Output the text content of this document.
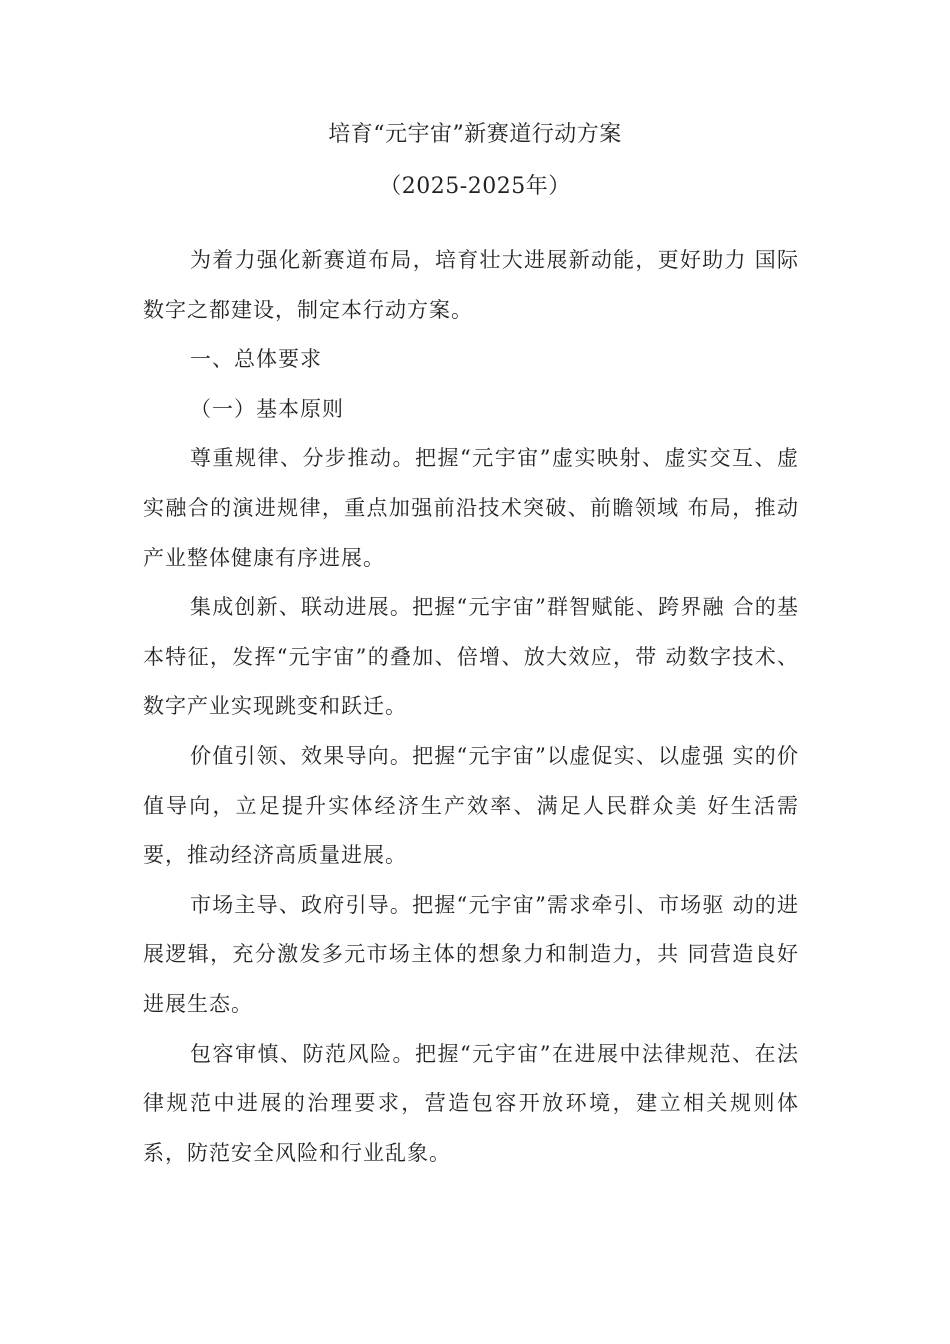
培育“元宇宙”新赛道行动方案
（2025-2025年）

为着力强化新赛道布局，培育壮大进展新动能，更好助力 国际数字之都建设，制定本行动方案。

一、总体要求

（一）基本原则

尊重规律、分步推动。把握“元宇宙”虚实映射、虚实交互、虚实融合的演进规律，重点加强前沿技术突破、前瞻领域 布局，推动产业整体健康有序进展。

集成创新、联动进展。把握“元宇宙”群智赋能、跨界融 合的基本特征，发挥“元宇宙”的叠加、倍增、放大效应，带 动数字技术、数字产业实现跳变和跃迁。

价值引领、效果导向。把握“元宇宙”以虚促实、以虚强 实的价值导向，立足提升实体经济生产效率、满足人民群众美 好生活需要，推动经济高质量进展。

市场主导、政府引导。把握“元宇宙”需求牵引、市场驱 动的进展逻辑，充分激发多元市场主体的想象力和制造力，共 同营造良好进展生态。

包容审慎、防范风险。把握“元宇宙”在进展中法律规范、在法律规范中进展的治理要求，营造包容开放环境，建立相关规则体系，防范安全风险和行业乱象。
